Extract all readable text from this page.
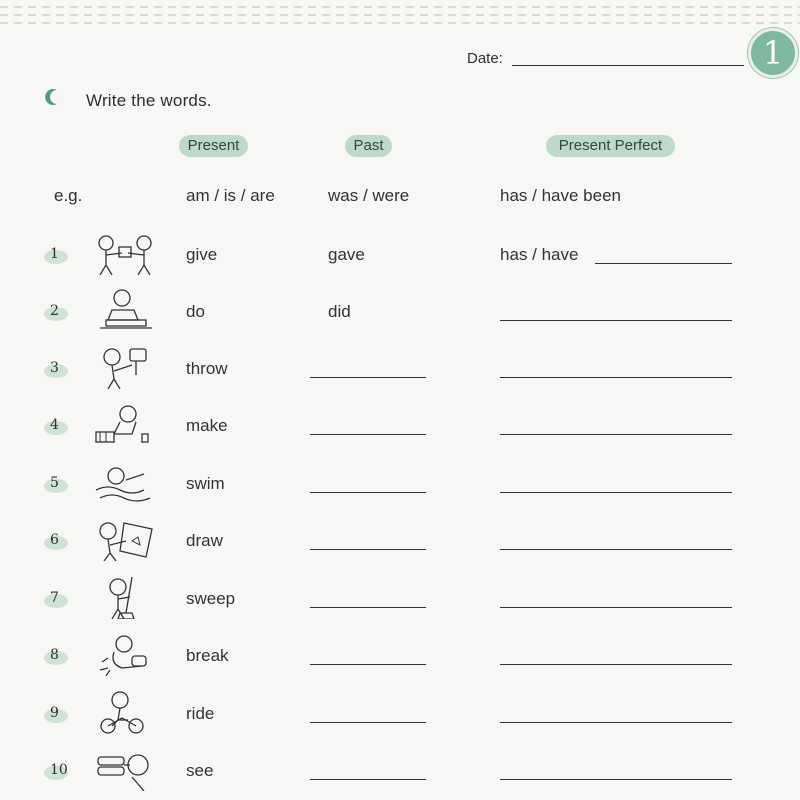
1
Date:
Write the words.
Present	Past	Present Perfect
e.g.	am / is / are	was / were	has / have been
1	give	gave	has / have
2	do	did
3	throw
4	make
5	swim
6	draw
7	sweep
8	break
9	ride
10	see
